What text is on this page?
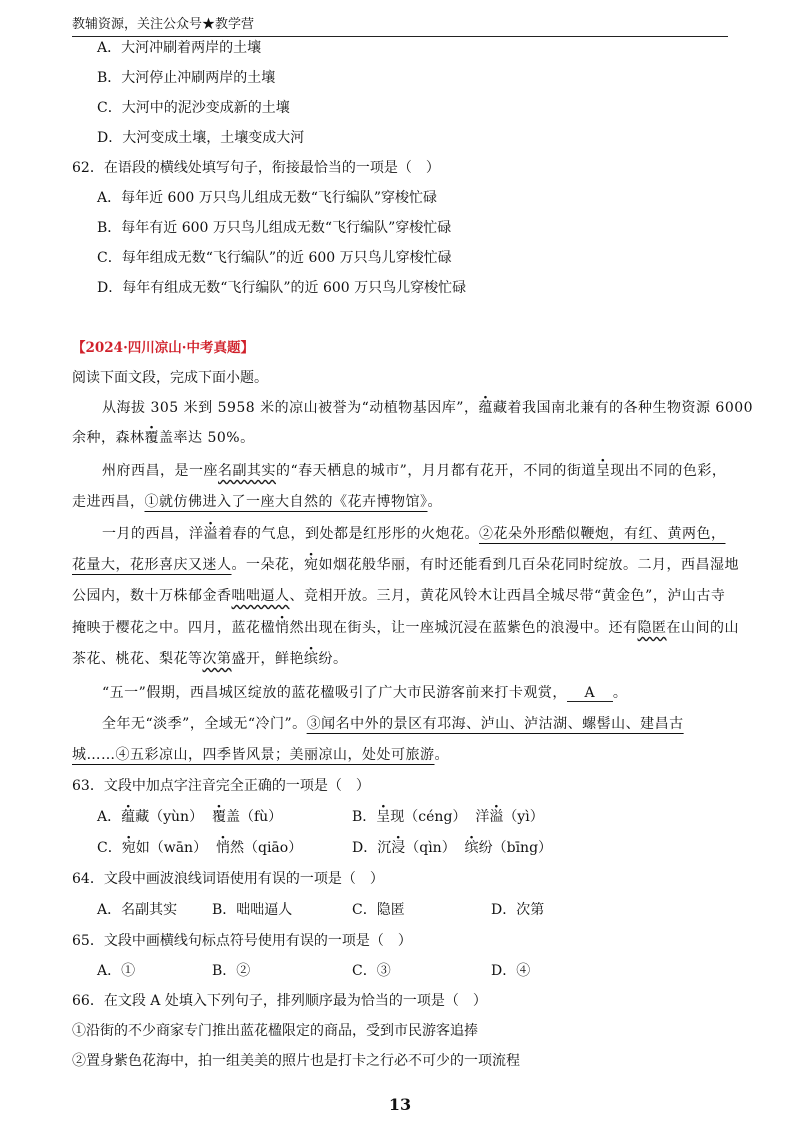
教辅资源，关注公众号★教学营
A．大河冲刷着两岸的土壤
B．大河停止冲刷两岸的土壤
C．大河中的泥沙变成新的土壤
D．大河变成土壤，土壤变成大河
62．在语段的横线处填写句子，衔接最恰当的一项是（　）
A．每年近 600 万只鸟儿组成无数“飞行编队”穿梭忙碌
B．每年有近 600 万只鸟儿组成无数“飞行编队”穿梭忙碌
C．每年组成无数“飞行编队”的近 600 万只鸟儿穿梭忙碌
D．每年有组成无数“飞行编队”的近 600 万只鸟儿穿梭忙碌
【2024·四川凉山·中考真题】
阅读下面文段，完成下面小题。
从海拔 305 米到 5958 米的凉山被誉为“动植物基因库”，蕴藏着我国南北兼有的各种生物资源 6000
余种，森林覆盖率达 50%。
州府西昌，是一座名副其实的“春天栖息的城市”，月月都有花开，不同的街道呈现出不同的色彩，
走进西昌，①就仿佛进入了一座大自然的《花卉博物馆》。
一月的西昌，洋溢着春的气息，到处都是红彤彤的火炮花。②花朵外形酷似鞭炮，有红、黄两色，
花量大，花形喜庆又迷人。一朵花，宛如烟花般华丽，有时还能看到几百朵花同时绽放。二月，西昌湿地
公园内，数十万株郁金香咄咄逼人、竞相开放。三月，黄花风铃木让西昌全城尽带“黄金色”，泸山古寺
掩映于樱花之中。四月，蓝花楹悄然出现在街头，让一座城沉浸在蓝紫色的浪漫中。还有隐匿在山间的山
茶花、桃花、梨花等次第盛开，鲜艳缤纷。
“五一”假期，西昌城区绽放的蓝花楹吸引了广大市民游客前来打卡观赏， A 。
全年无“淡季”，全域无“冷门”。③闻名中外的景区有邛海、泸山、泸沽湖、螺髻山、建昌古
城……④五彩凉山，四季皆风景；美丽凉山，处处可旅游。
63．文段中加点字注音完全正确的一项是（　）
A．蕴藏（yùn） 覆盖（fù）	B．呈现（céng） 洋溢（yì）
C．宛如（wān） 悄然（qiāo）	D．沉浸（qìn） 缤纷（bīng）
64．文段中画波浪线词语使用有误的一项是（　）
A．名副其实 B．咄咄逼人	C．隐匿	D．次第
65．文段中画横线句标点符号使用有误的一项是（　）
A．①	B．②	C．③	D．④
66．在文段 A 处填入下列句子，排列顺序最为恰当的一项是（　）
①沿街的不少商家专门推出蓝花楹限定的商品，受到市民游客追捧
②置身紫色花海中，拍一组美美的照片也是打卡之行必不可少的一项流程
13
